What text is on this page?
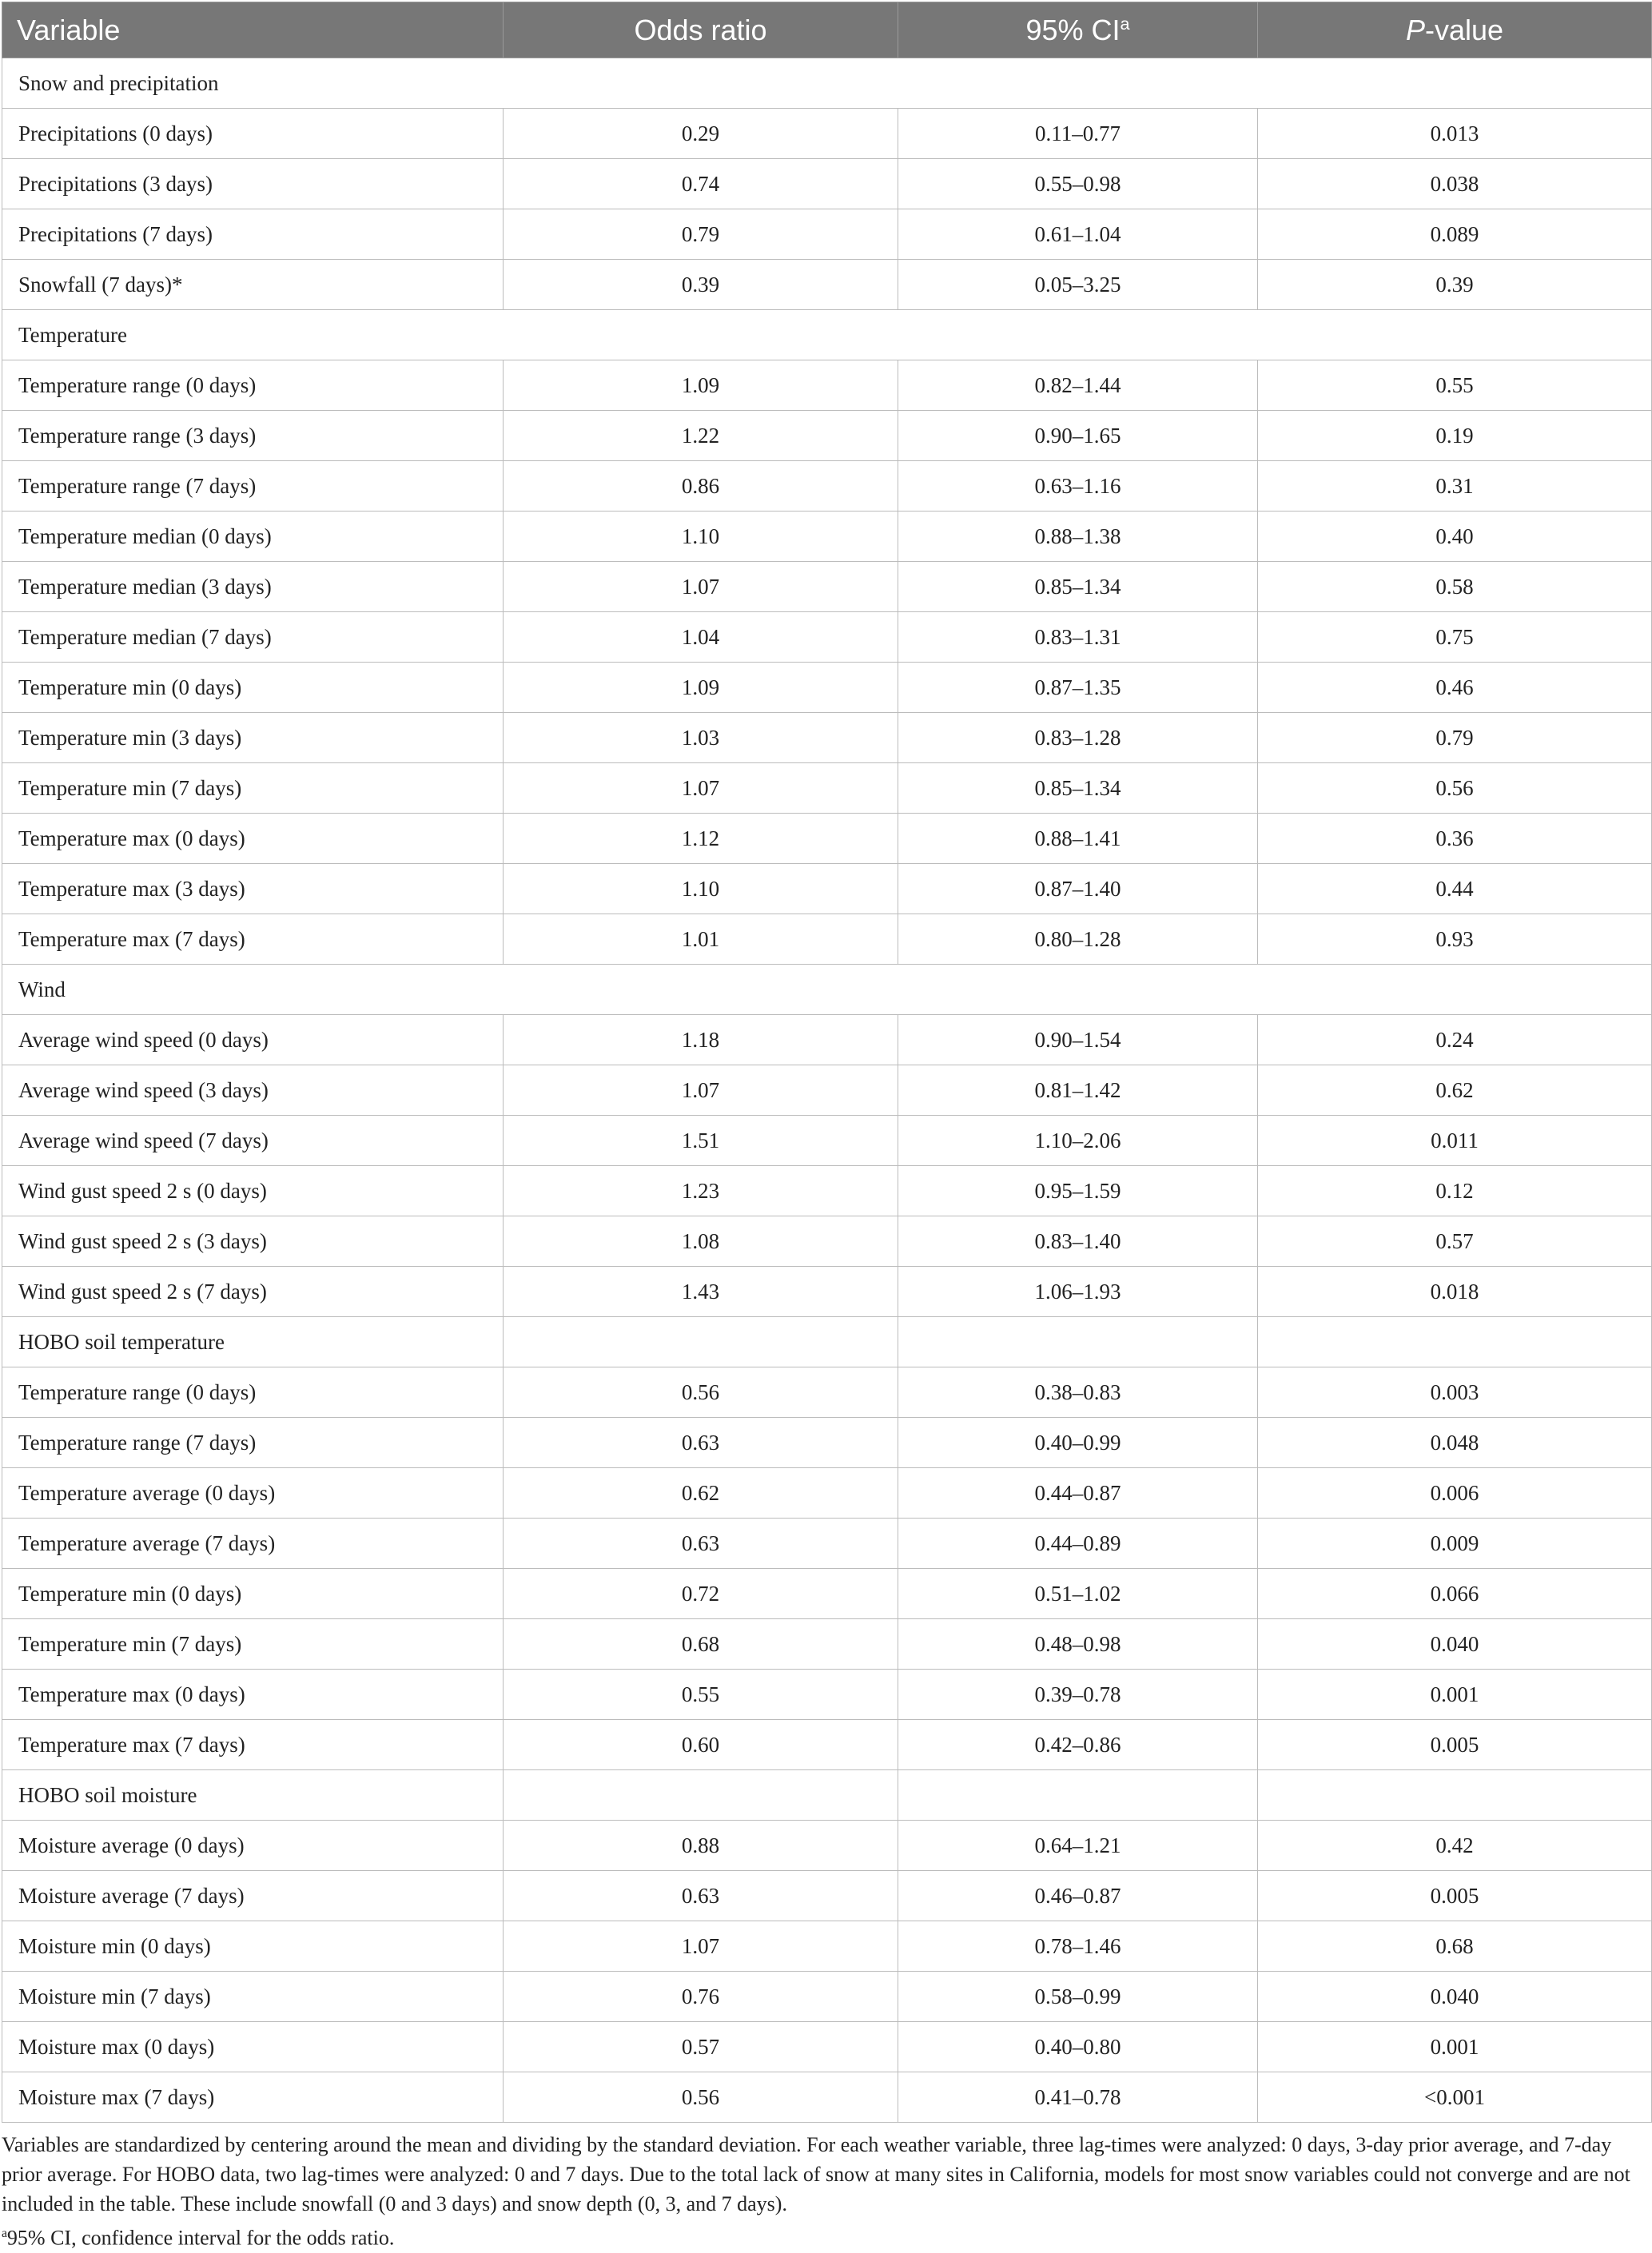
Variable	Odds ratio	95% $CI^a$	P-value
Snow and precipitation			
Precipitations (0 days)	0.29	0.11–0.77	0.013
Precipitations (3 days)	0.74	0.55–0.98	0.038
Precipitations (7 days)	0.79	0.61–1.04	0.089
Snowfall (7 days)*	0.39	0.05–3.25	0.39
Temperature			
Temperature range (0 days)	1.09	0.82–1.44	0.55
Temperature range (3 days)	1.22	0.90–1.65	0.19
Temperature range (7 days)	0.86	0.63–1.16	0.31
Temperature median (0 days)	1.10	0.88–1.38	0.40
Temperature median (3 days)	1.07	0.85–1.34	0.58
Temperature median (7 days)	1.04	0.83–1.31	0.75
Temperature min (0 days)	1.09	0.87–1.35	0.46
Temperature min (3 days)	1.03	0.83–1.28	0.79
Temperature min (7 days)	1.07	0.85–1.34	0.56
Temperature max (0 days)	1.12	0.88–1.41	0.36
Temperature max (3 days)	1.10	0.87–1.40	0.44
Temperature max (7 days)	1.01	0.80–1.28	0.93
Wind			
Average wind speed (0 days)	1.18	0.90–1.54	0.24
Average wind speed (3 days)	1.07	0.81–1.42	0.62
Average wind speed (7 days)	1.51	1.10–2.06	0.011
Wind gust speed 2 s (0 days)	1.23	0.95–1.59	0.12
Wind gust speed 2 s (3 days)	1.08	0.83–1.40	0.57
Wind gust speed 2 s (7 days)	1.43	1.06–1.93	0.018
HOBO soil temperature			
Temperature range (0 days)	0.56	0.38–0.83	0.003
Temperature range (7 days)	0.63	0.40–0.99	0.048
Temperature average (0 days)	0.62	0.44–0.87	0.006
Temperature average (7 days)	0.63	0.44–0.89	0.009
Temperature min (0 days)	0.72	0.51–1.02	0.066
Temperature min (7 days)	0.68	0.48–0.98	0.040
Temperature max (0 days)	0.55	0.39–0.78	0.001
Temperature max (7 days)	0.60	0.42–0.86	0.005
HOBO soil moisture			
Moisture average (0 days)	0.88	0.64–1.21	0.42
Moisture average (7 days)	0.63	0.46–0.87	0.005
Moisture min (0 days)	1.07	0.78–1.46	0.68
Moisture min (7 days)	0.76	0.58–0.99	0.040
Moisture max (0 days)	0.57	0.40–0.80	0.001
Moisture max (7 days)	0.56	0.41–0.78	<0.001

Variables are standardized by centering around the mean and dividing by the standard deviation. For each weather variable, three lag-times were analyzed: 0 days, 3-day prior average, and 7-day prior average. For HOBO data, two lag-times were analyzed: 0 and 7 days. Due to the total lack of snow at many sites in California, models for most snow variables could not converge and are not included in the table. These include snowfall (0 and 3 days) and snow depth (0, 3, and 7 days).

$^a$95% CI, confidence interval for the odds ratio.
